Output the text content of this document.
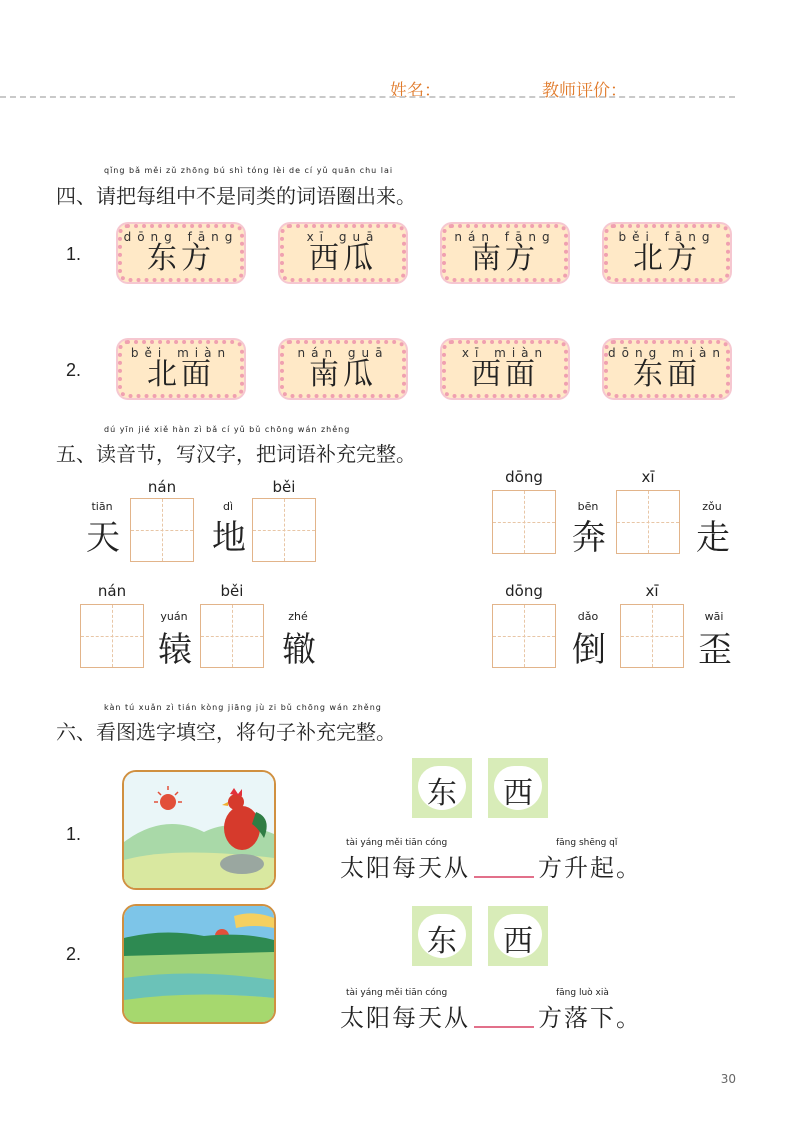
姓名：	教师评价：
qǐng bǎ měi zǔ zhōng bú shì tóng lèi de cí yǔ quān chu lai
四、请把每组中不是同类的词语圈出来。
1.
dōng fāng
东方
xī guā
西瓜
nán fāng
南方
běi fāng
北方
2.
běi miàn
北面
nán guā
南瓜
xī miàn
西面
dōng miàn
东面
dú yīn jié xiě hàn zì bǎ cí yǔ bǔ chōng wán zhěng
五、读音节，写汉字，把词语补充完整。
tiān
天
nán
dì
地
běi
dōng
bēn
奔
xī
zǒu
走
nán
yuán
辕
běi
zhé
辙
dōng
dǎo
倒
xī
wāi
歪
kàn tú xuǎn zì tián kòng jiāng jù zi bǔ chōng wán zhěng
六、看图选字填空，将句子补充完整。
1.
东	西
tài yáng měi tiān cóng	fāng shēng qǐ
太阳每天从	方升起。
2.	东	西
tài yáng měi tiān cóng	fāng luò xià
太阳每天从	方落下。
30
